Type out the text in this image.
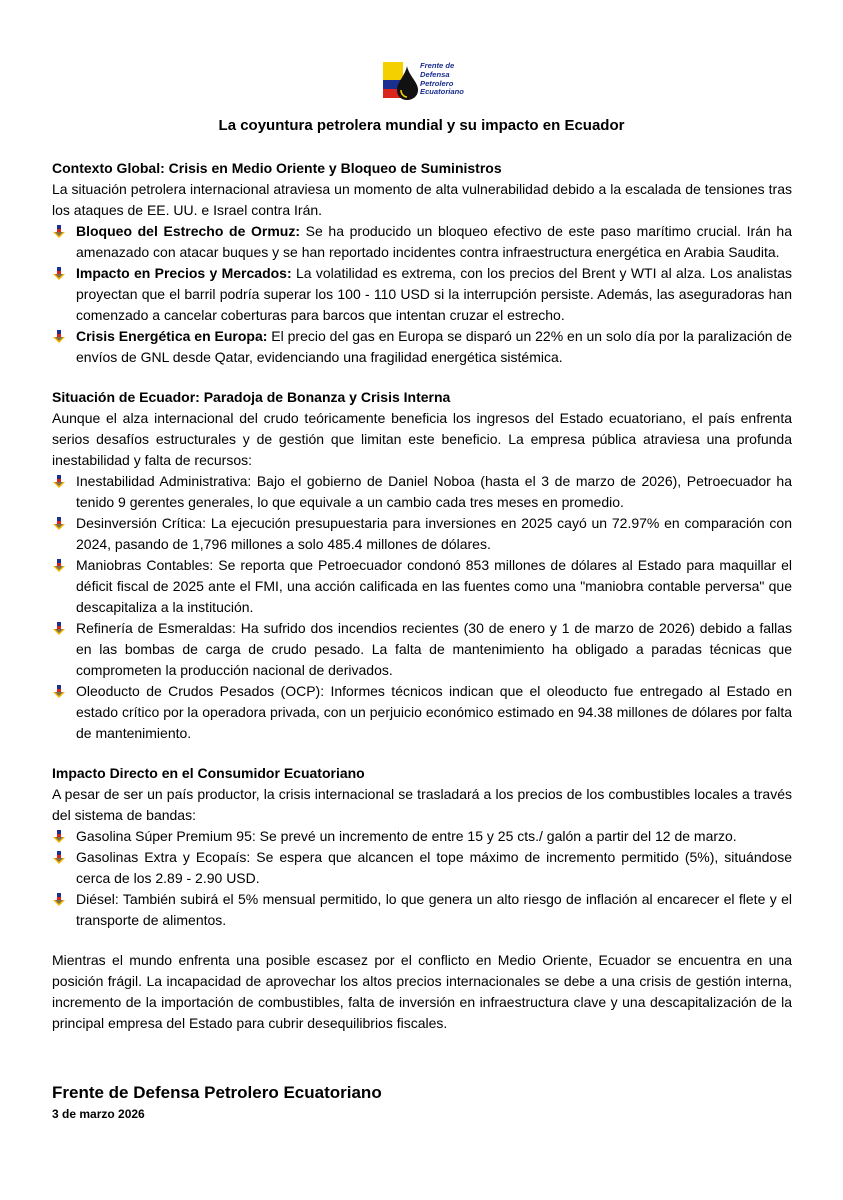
Frente de
Defensa
Petrolero
Ecuatoriano
La coyuntura petrolera mundial y su impacto en Ecuador

Contexto Global: Crisis en Medio Oriente y Bloqueo de Suministros

La situación petrolera internacional atraviesa un momento de alta vulnerabilidad debido a la escalada de tensiones tras los ataques de EE. UU. e Israel contra Irán.

Bloqueo del Estrecho de Ormuz: Se ha producido un bloqueo efectivo de este paso marítimo crucial. Irán ha amenazado con atacar buques y se han reportado incidentes contra infraestructura energética en Arabia Saudita.
Impacto en Precios y Mercados: La volatilidad es extrema, con los precios del Brent y WTI al alza. Los analistas proyectan que el barril podría superar los 100 - 110 USD si la interrupción persiste. Además, las aseguradoras han comenzado a cancelar coberturas para barcos que intentan cruzar el estrecho.
Crisis Energética en Europa: El precio del gas en Europa se disparó un 22% en un solo día por la paralización de envíos de GNL desde Qatar, evidenciando una fragilidad energética sistémica.

Situación de Ecuador: Paradoja de Bonanza y Crisis Interna

Aunque el alza internacional del crudo teóricamente beneficia los ingresos del Estado ecuatoriano, el país enfrenta serios desafíos estructurales y de gestión que limitan este beneficio. La empresa pública atraviesa una profunda inestabilidad y falta de recursos:

Inestabilidad Administrativa: Bajo el gobierno de Daniel Noboa (hasta el 3 de marzo de 2026), Petroecuador ha tenido 9 gerentes generales, lo que equivale a un cambio cada tres meses en promedio.
Desinversión Crítica: La ejecución presupuestaria para inversiones en 2025 cayó un 72.97% en comparación con 2024, pasando de 1,796 millones a solo 485.4 millones de dólares.
Maniobras Contables: Se reporta que Petroecuador condonó 853 millones de dólares al Estado para maquillar el déficit fiscal de 2025 ante el FMI, una acción calificada en las fuentes como una "maniobra contable perversa" que descapitaliza a la institución.
Refinería de Esmeraldas: Ha sufrido dos incendios recientes (30 de enero y 1 de marzo de 2026) debido a fallas en las bombas de carga de crudo pesado. La falta de mantenimiento ha obligado a paradas técnicas que comprometen la producción nacional de derivados.
Oleoducto de Crudos Pesados (OCP): Informes técnicos indican que el oleoducto fue entregado al Estado en estado crítico por la operadora privada, con un perjuicio económico estimado en 94.38 millones de dólares por falta de mantenimiento.

Impacto Directo en el Consumidor Ecuatoriano

A pesar de ser un país productor, la crisis internacional se trasladará a los precios de los combustibles locales a través del sistema de bandas:

Gasolina Súper Premium 95: Se prevé un incremento de entre 15 y 25 cts./ galón a partir del 12 de marzo.
Gasolinas Extra y Ecopaís: Se espera que alcancen el tope máximo de incremento permitido (5%), situándose cerca de los 2.89 - 2.90 USD.
Diésel: También subirá el 5% mensual permitido, lo que genera un alto riesgo de inflación al encarecer el flete y el transporte de alimentos.

Mientras el mundo enfrenta una posible escasez por el conflicto en Medio Oriente, Ecuador se encuentra en una posición frágil. La incapacidad de aprovechar los altos precios internacionales se debe a una crisis de gestión interna, incremento de la importación de combustibles, falta de inversión en infraestructura clave y una descapitalización de la principal empresa del Estado para cubrir desequilibrios fiscales.

Frente de Defensa Petrolero Ecuatoriano
3 de marzo 2026
